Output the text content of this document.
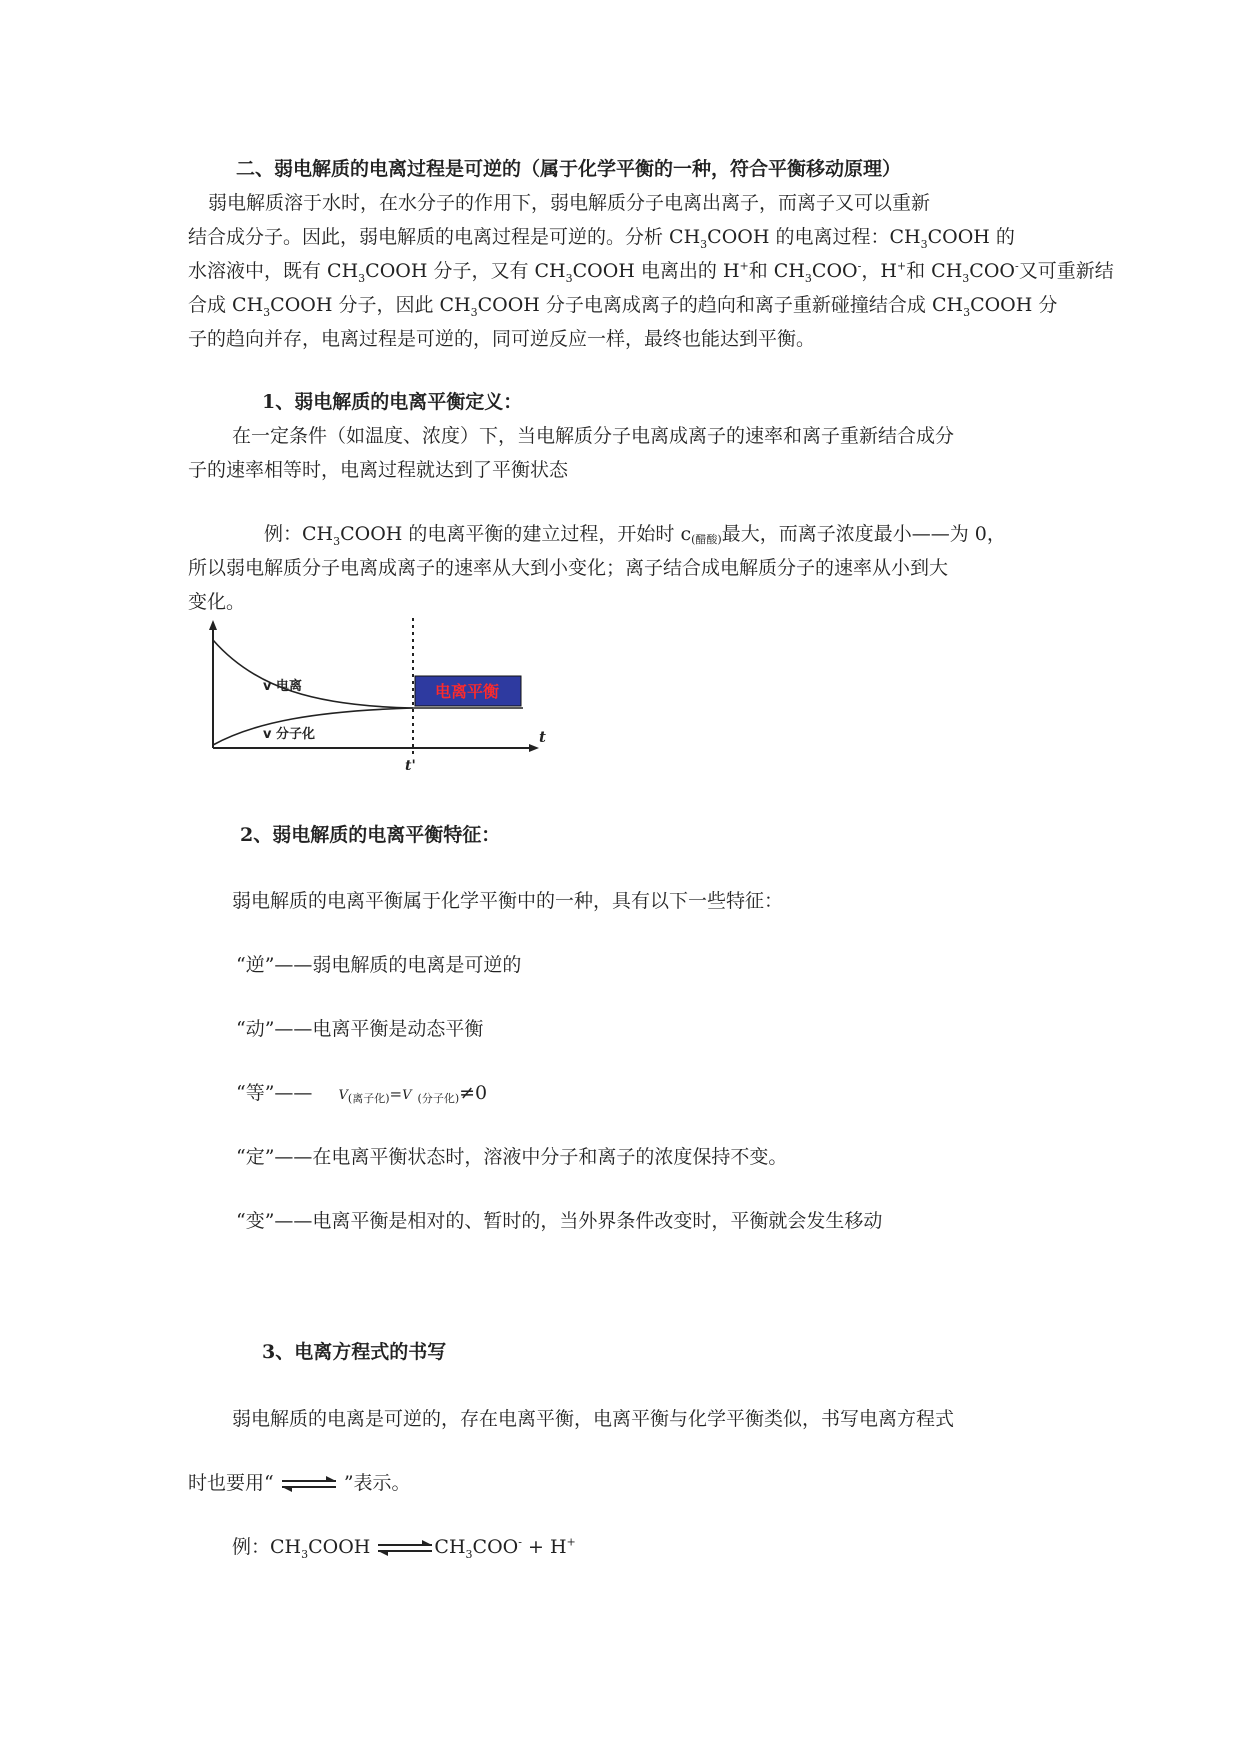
二、弱电解质的电离过程是可逆的（属于化学平衡的一种，符合平衡移动原理）
弱电解质溶于水时，在水分子的作用下，弱电解质分子电离出离子，而离子又可以重新
结合成分子。因此，弱电解质的电离过程是可逆的。分析 $CH_3COOH$ 的电离过程：$CH_3COOH$ 的
水溶液中，既有 $CH_3COOH$ 分子，又有 $CH_3COOH$ 电离出的 H+和 $CH_3COO^-$，H+和 $CH_3COO^-$又可重新结
合成 $CH_3COOH$ 分子，因此 $CH_3COOH$ 分子电离成离子的趋向和离子重新碰撞结合成 $CH_3COOH$ 分
子的趋向并存，电离过程是可逆的，同可逆反应一样，最终也能达到平衡。
1、弱电解质的电离平衡定义：
在一定条件（如温度、浓度）下，当电解质分子电离成离子的速率和离子重新结合成分
子的速率相等时，电离过程就达到了平衡状态
例：$CH_3COOH$ 的电离平衡的建立过程，开始时 c(醋酸)最大，而离子浓度最小——为 0，
所以弱电解质分子电离成离子的速率从大到小变化；离子结合成电解质分子的速率从小到大
变化。
电离平衡
v 电离
v 分子化	t
t'
2、弱电解质的电离平衡特征：
弱电解质的电离平衡属于化学平衡中的一种，具有以下一些特征：
“逆”——弱电解质的电离是可逆的
“动”——电离平衡是动态平衡
“等”—— V(离子化)=V (分子化)≠0
“定”——在电离平衡状态时，溶液中分子和离子的浓度保持不变。
“变”——电离平衡是相对的、暂时的，当外界条件改变时，平衡就会发生移动
3、电离方程式的书写
弱电解质的电离是可逆的，存在电离平衡，电离平衡与化学平衡类似，书写电离方程式
时也要用“ ⇌ ”表示。
例：$CH_3COOH$ $\rightleftharpoons CH_3COO^- + H^+$
